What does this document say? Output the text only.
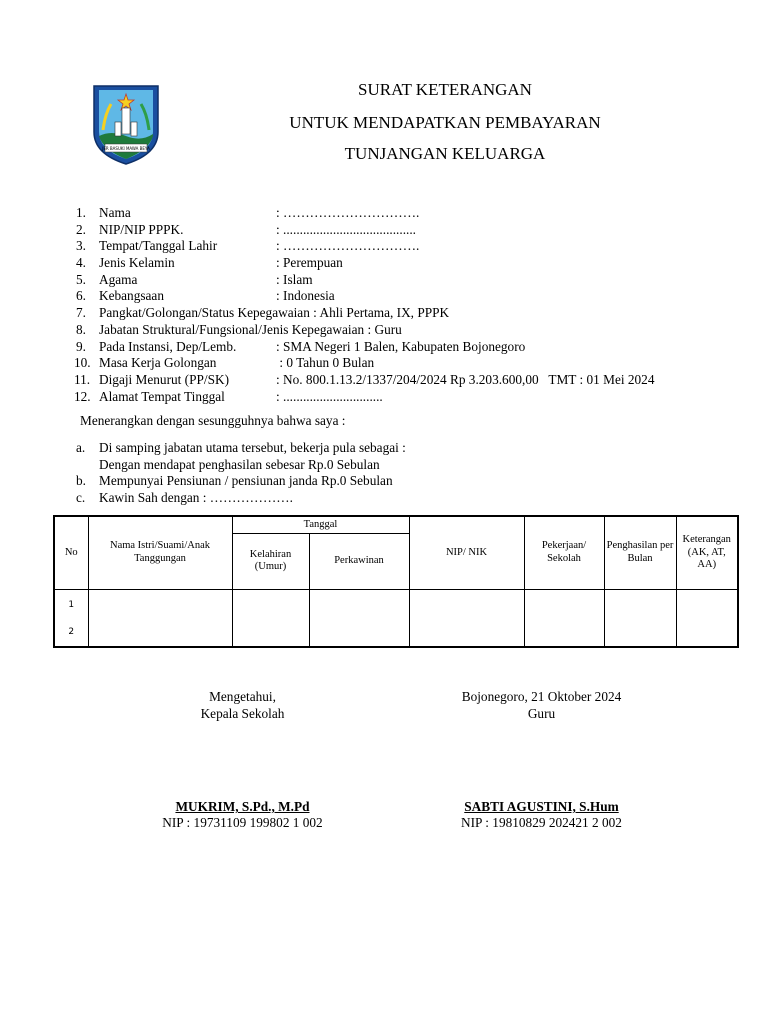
JER BASUKI MAWA BEYA
SURAT KETERANGAN
UNTUK MENDAPATKAN PEMBAYARAN
TUNJANGAN KELUARGA
1. Nama	: ………………………….
2. NIP/NIP PPPK.	: ........................................
3. Tempat/Tanggal Lahir	: ………………………….
4. Jenis Kelamin	: Perempuan
5. Agama	: Islam
6. Kebangsaan	: Indonesia
7. Pangkat/Golongan/Status Kepegawaian : Ahli Pertama, IX, PPPK
8. Jabatan Struktural/Fungsional/Jenis Kepegawaian : Guru
9. Pada Instansi, Dep/Lemb.	: SMA Negeri 1 Balen, Kabupaten Bojonegoro
10. Masa Kerja Golongan	: 0 Tahun 0 Bulan
11. Digaji Menurut (PP/SK)	: No. 800.1.13.2/1337/204/2024 Rp 3.203.600,00   TMT : 01 Mei 2024
12. Alamat Tempat Tinggal	: ..............................
Menerangkan dengan sesungguhnya bahwa saya :
a. Di samping jabatan utama tersebut, bekerja pula sebagai :
Dengan mendapat penghasilan sebesar Rp.0 Sebulan
b. Mempunyai Pensiunan / pensiunan janda Rp.0 Sebulan
c. Kawin Sah dengan : ……………….
No	Nama Istri/Suami/Anak Tanggungan	Tanggal		NIP/ NIK	Pekerjaan/ Sekolah	Penghasilan per Bulan	Keterangan (AK, AT, AA)
		Kelahiran (Umur)	Perkawinan				

1
2							

Mengetahui,
Kepala Sekolah
MUKRIM, S.Pd., M.Pd
NIP : 19731109 199802 1 002
Bojonegoro, 21 Oktober 2024
Guru
SABTI AGUSTINI, S.Hum
NIP : 19810829 202421 2 002
